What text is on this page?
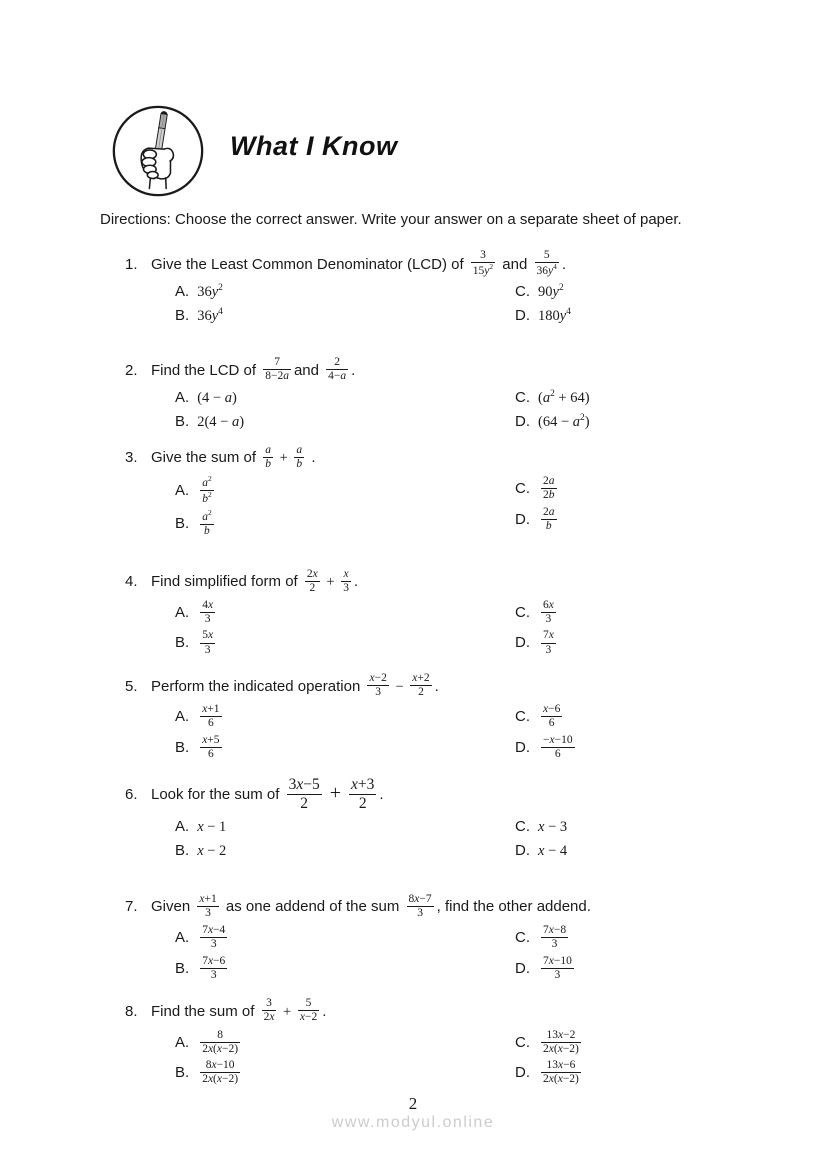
What I Know

Directions: Choose the correct answer. Write your answer on a separate sheet of paper.

1. Give the Least Common Denominator (LCD) of $\frac{3}{15y^2}$ and $\frac{5}{36y^4}$ .
A. $36y^2$
B. $36y^4$
C. $90y^2$
D. $180y^4$
2. Find the LCD of $\frac{7}{8-2a}$ and $\frac{2}{4-a}$ .
A. (4 − a)
B. 2(4 − a)
C. $(a^2 + 64)$
D. $(64 - a^2)$
3. Give the sum of $\frac{a}{b} + \frac{a}{b}$ .
A. $\frac{a^2}{b^2}$
B. $\frac{a^2}{b}$
C. $\frac{2a}{2b}$
D. $\frac{2a}{b}$
4. Find simplified form of $\frac{2x}{2} + \frac{x}{3}$ .
A. $\frac{4x}{3}$
B. $\frac{5x}{3}$
C. $\frac{6x}{3}$
D. $\frac{7x}{3}$
5. Perform the indicated operation $\frac{x-2}{3} - \frac{x+2}{2}$ .
A. $\frac{x+1}{6}$
B. $\frac{x+5}{6}$
C. $\frac{x-6}{6}$
D. $\frac{-x-10}{6}$
6. Look for the sum of $\frac{3x-5}{2} + \frac{x+3}{2}$ .
A. x − 1
B. x − 2
C. x − 3
D. x − 4
7. Given $\frac{x+1}{3}$ as one addend of the sum $\frac{8x-7}{3}$ , find the other addend.
A. $\frac{7x-4}{3}$
B. $\frac{7x-6}{3}$
C. $\frac{7x-8}{3}$
D. $\frac{7x-10}{3}$
8. Find the sum of $\frac{3}{2x} + \frac{5}{x-2}$ .
A. $\frac{8}{2x(x-2)}$
B. $\frac{8x-10}{2x(x-2)}$
C. $\frac{13x-2}{2x(x-2)}$
D. $\frac{13x-6}{2x(x-2)}$
2
www.modyul.online
